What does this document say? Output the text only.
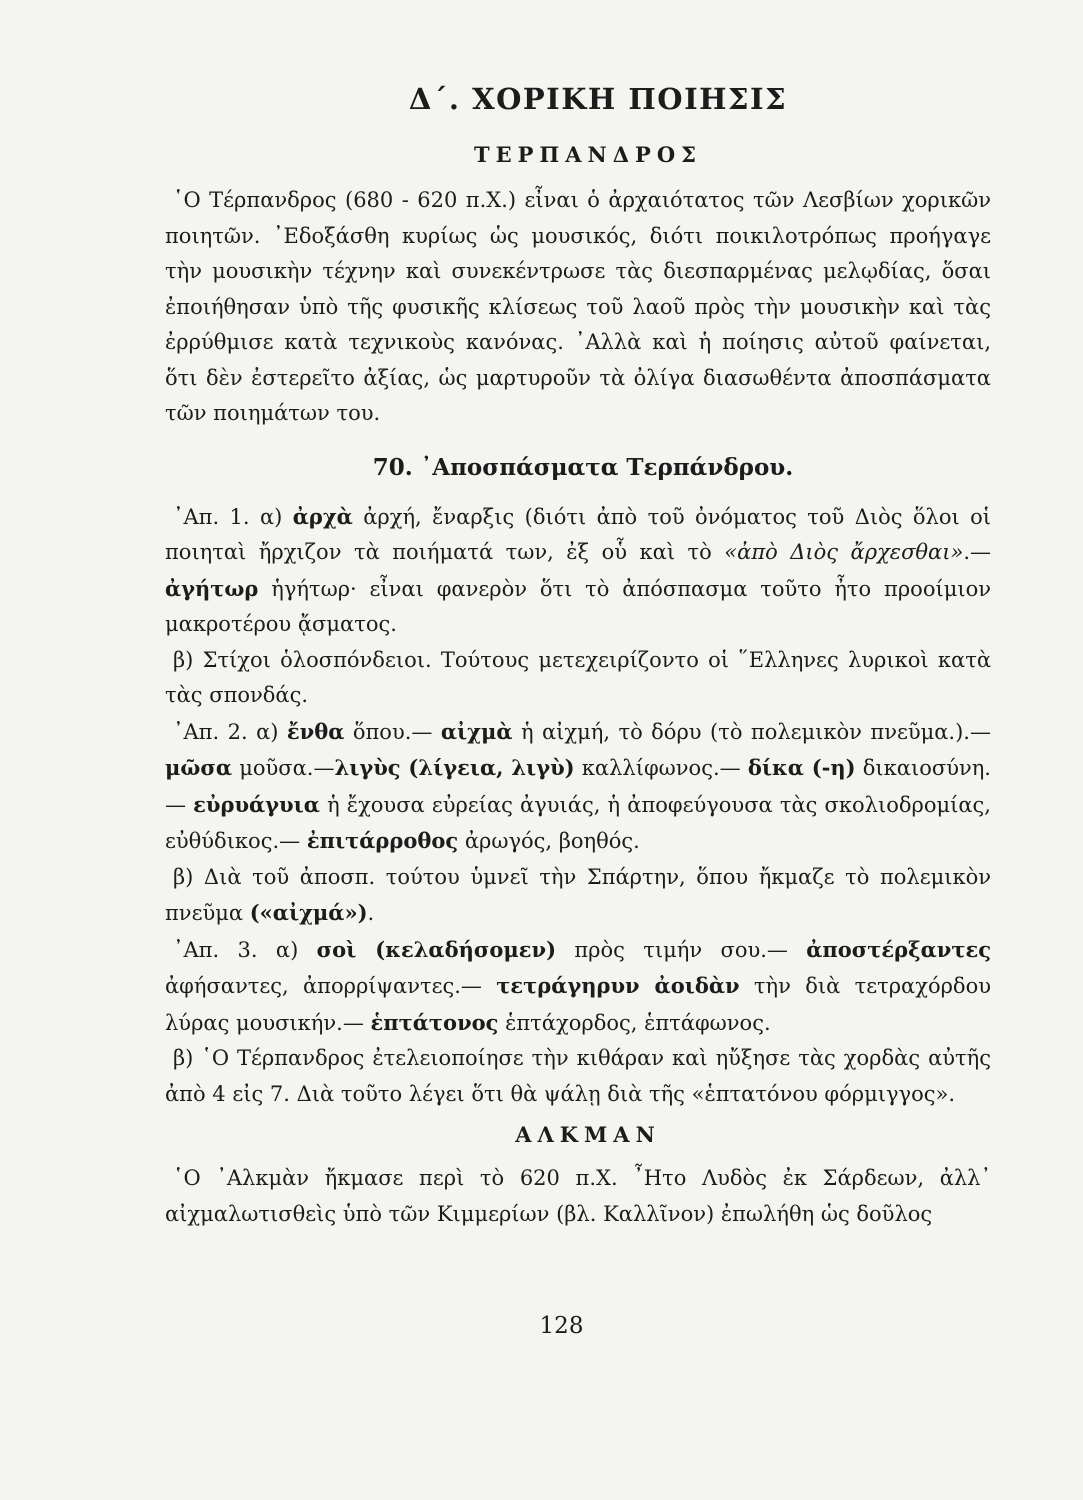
Δ΄. ΧΟΡΙΚΗ ΠΟΙΗΣΙΣ
ΤΕΡΠΑΝΔΡΟΣ

῾Ο Τέρπανδρος (680 - 620 π.Χ.) εἶναι ὁ ἀρχαιότατος τῶν Λεσβίων χορικῶν ποιητῶν. ᾿Εδοξάσθη κυρίως ὡς μουσικός, διότι ποικιλοτρόπως προήγαγε τὴν μουσικὴν τέχνην καὶ συνεκέντρωσε τὰς διεσπαρμένας μελῳδίας, ὅσαι ἐποιήθησαν ὑπὸ τῆς φυσικῆς κλίσεως τοῦ λαοῦ πρὸς τὴν μουσικὴν καὶ τὰς ἐρρύθμισε κατὰ τεχνικοὺς κανόνας. ᾿Αλλὰ καὶ ἡ ποίησις αὐτοῦ φαίνεται, ὅτι δὲν ἐστερεῖτο ἀξίας, ὡς μαρτυροῦν τὰ ὀλίγα διασωθέντα ἀποσπάσματα τῶν ποιημάτων του.

70. ᾿Αποσπάσματα Τερπάνδρου.

᾿Απ. 1. α) ἀρχὰ ἀρχή, ἔναρξις (διότι ἀπὸ τοῦ ὀνόματος τοῦ Διὸς ὅλοι οἱ ποιηταὶ ἤρχιζον τὰ ποιήματά των, ἐξ οὗ καὶ τὸ «ἀπὸ Διὸς ἄρχεσθαι».— ἀγήτωρ ἡγήτωρ· εἶναι φανερὸν ὅτι τὸ ἀπόσπασμα τοῦτο ἦτο προοίμιον μακροτέρου ᾄσματος.

β) Στίχοι ὁλοσπόνδειοι. Τούτους μετεχειρίζοντο οἱ ῞Ελληνες λυρικοὶ κατὰ τὰς σπονδάς.

᾿Απ. 2. α) ἔνθα ὅπου.— αἰχμὰ ἡ αἰχμή, τὸ δόρυ (τὸ πολεμικὸν πνεῦμα.).—μῶσα μοῦσα.—λιγὺς (λίγεια, λιγὺ) καλλίφωνος.— δίκα (-η) δικαιοσύνη.— εὐρυάγυια ἡ ἔχουσα εὐρείας ἀγυιάς, ἡ ἀποφεύγουσα τὰς σκολιοδρομίας, εὐθύδικος.— ἐπιτάρροθος ἀρωγός, βοηθός.

β) Διὰ τοῦ ἀποσπ. τούτου ὑμνεῖ τὴν Σπάρτην, ὅπου ἤκμαζε τὸ πολεμικὸν πνεῦμα («αἰχμά»).

᾿Απ. 3. α) σοὶ (κελαδήσομεν) πρὸς τιμήν σου.— ἀποστέρξαντες ἀφήσαντες, ἀπορρίψαντες.— τετράγηρυν ἀοιδὰν τὴν διὰ τετραχόρδου λύρας μουσικήν.— ἑπτάτονος ἑπτάχορδος, ἑπτάφωνος.

β) ῾Ο Τέρπανδρος ἐτελειοποίησε τὴν κιθάραν καὶ ηὔξησε τὰς χορδὰς αὐτῆς ἀπὸ 4 εἰς 7. Διὰ τοῦτο λέγει ὅτι θὰ ψάλῃ διὰ τῆς «ἑπτατόνου φόρμιγγος».

ΑΛΚΜΑΝ

῾Ο ᾿Αλκμὰν ἤκμασε περὶ τὸ 620 π.Χ. ῏Ητο Λυδὸς ἐκ Σάρδεων, ἀλλ᾿ αἰχμαλωτισθεὶς ὑπὸ τῶν Κιμμερίων (βλ. Καλλῖνον) ἐπωλήθη ὡς δοῦλος

128
